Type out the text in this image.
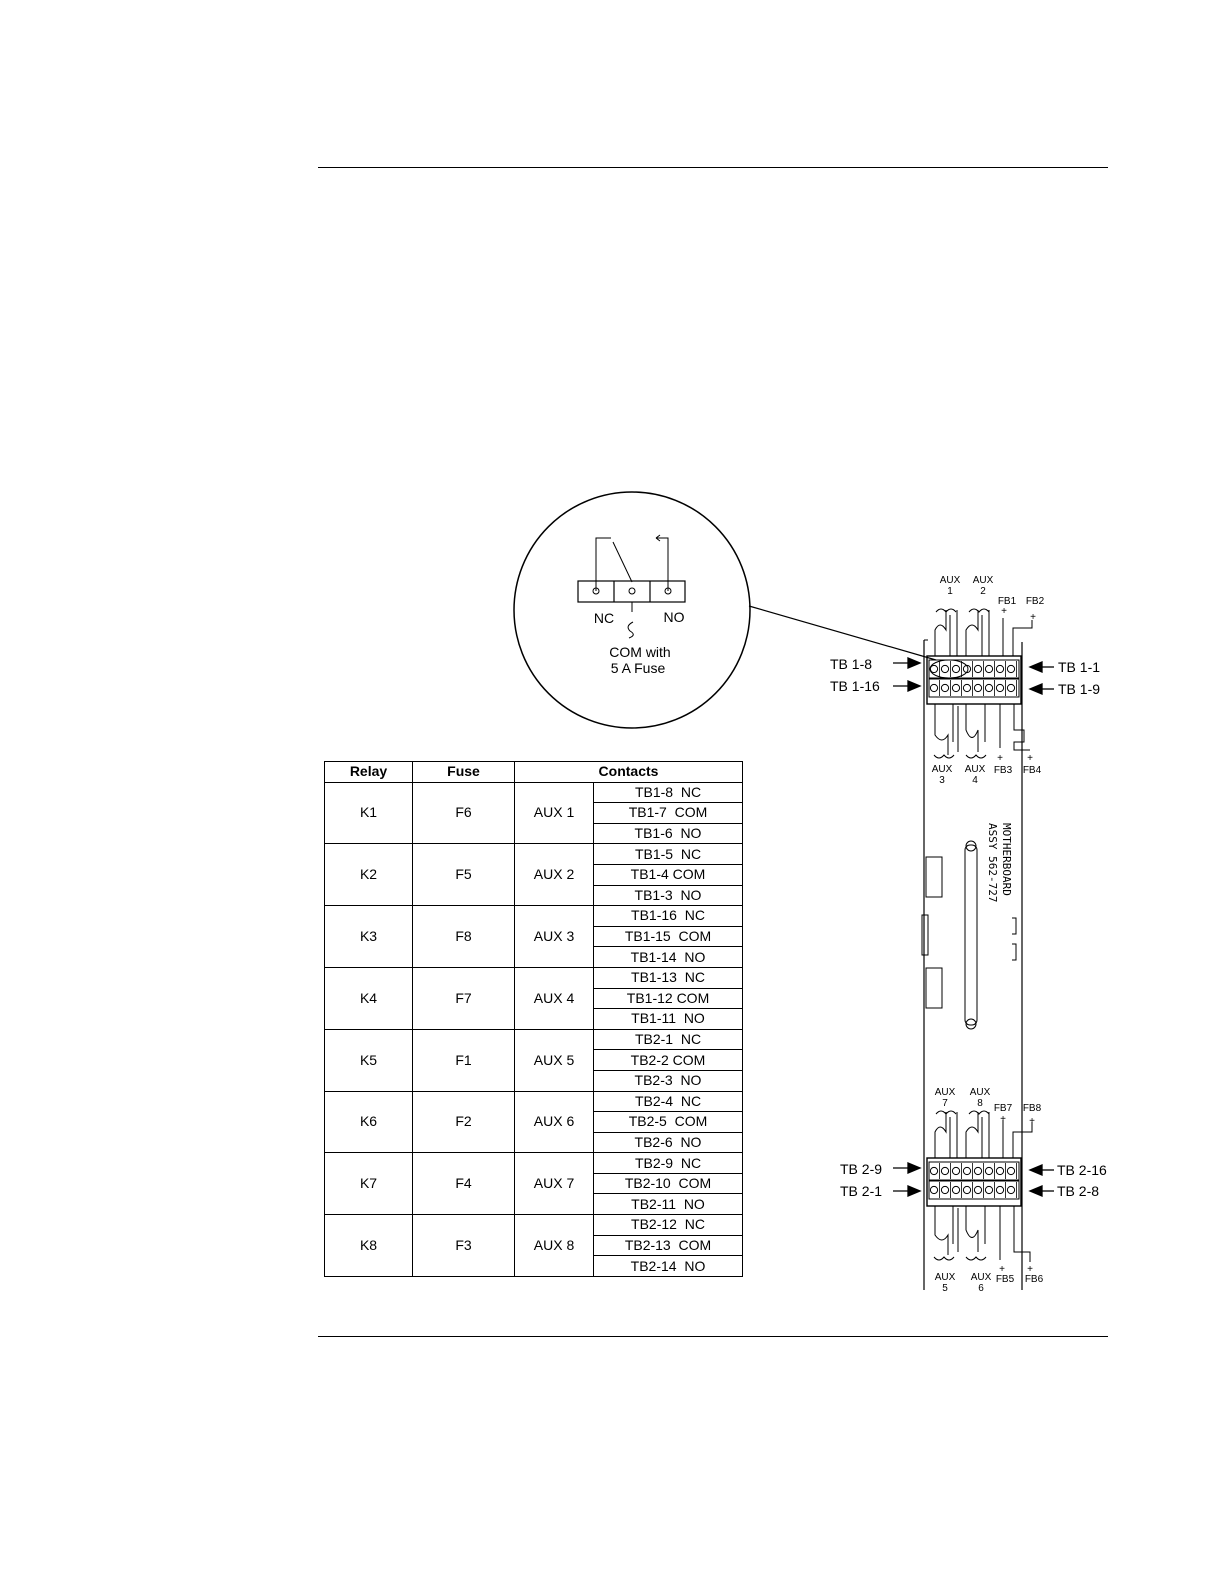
NC	NO
COM with
5 A Fuse
MOTHERBOARD
ASSY 562-727
AUX
1
AUX
2
FB1 FB2
+
+
AUX
3
AUX
4
FB3 FB4
+ +
AUX
7
AUX
8 FB7 FB8
+ +
AUX
5
AUX
6
FB5 FB6
+ +
TB 1-8
TB 1-16
TB 1-1
TB 1-9
TB 2-9
TB 2-1
TB 2-16
TB 2-8
Relay	Fuse	Contacts	
K1	F6	AUX 1	TB1-8  NC
			TB1-7  COM
			TB1-6  NO
K2	F5	AUX 2	TB1-5  NC
			TB1-4 COM
			TB1-3  NO
K3	F8	AUX 3	TB1-16  NC
			TB1-15  COM
			TB1-14  NO
K4	F7	AUX 4	TB1-13  NC
			TB1-12 COM
			TB1-11  NO
K5	F1	AUX 5	TB2-1  NC
			TB2-2 COM
			TB2-3  NO
K6	F2	AUX 6	TB2-4  NC
			TB2-5  COM
			TB2-6  NO
K7	F4	AUX 7	TB2-9  NC
			TB2-10  COM
			TB2-11  NO
K8	F3	AUX 8	TB2-12  NC
			TB2-13  COM
			TB2-14  NO
